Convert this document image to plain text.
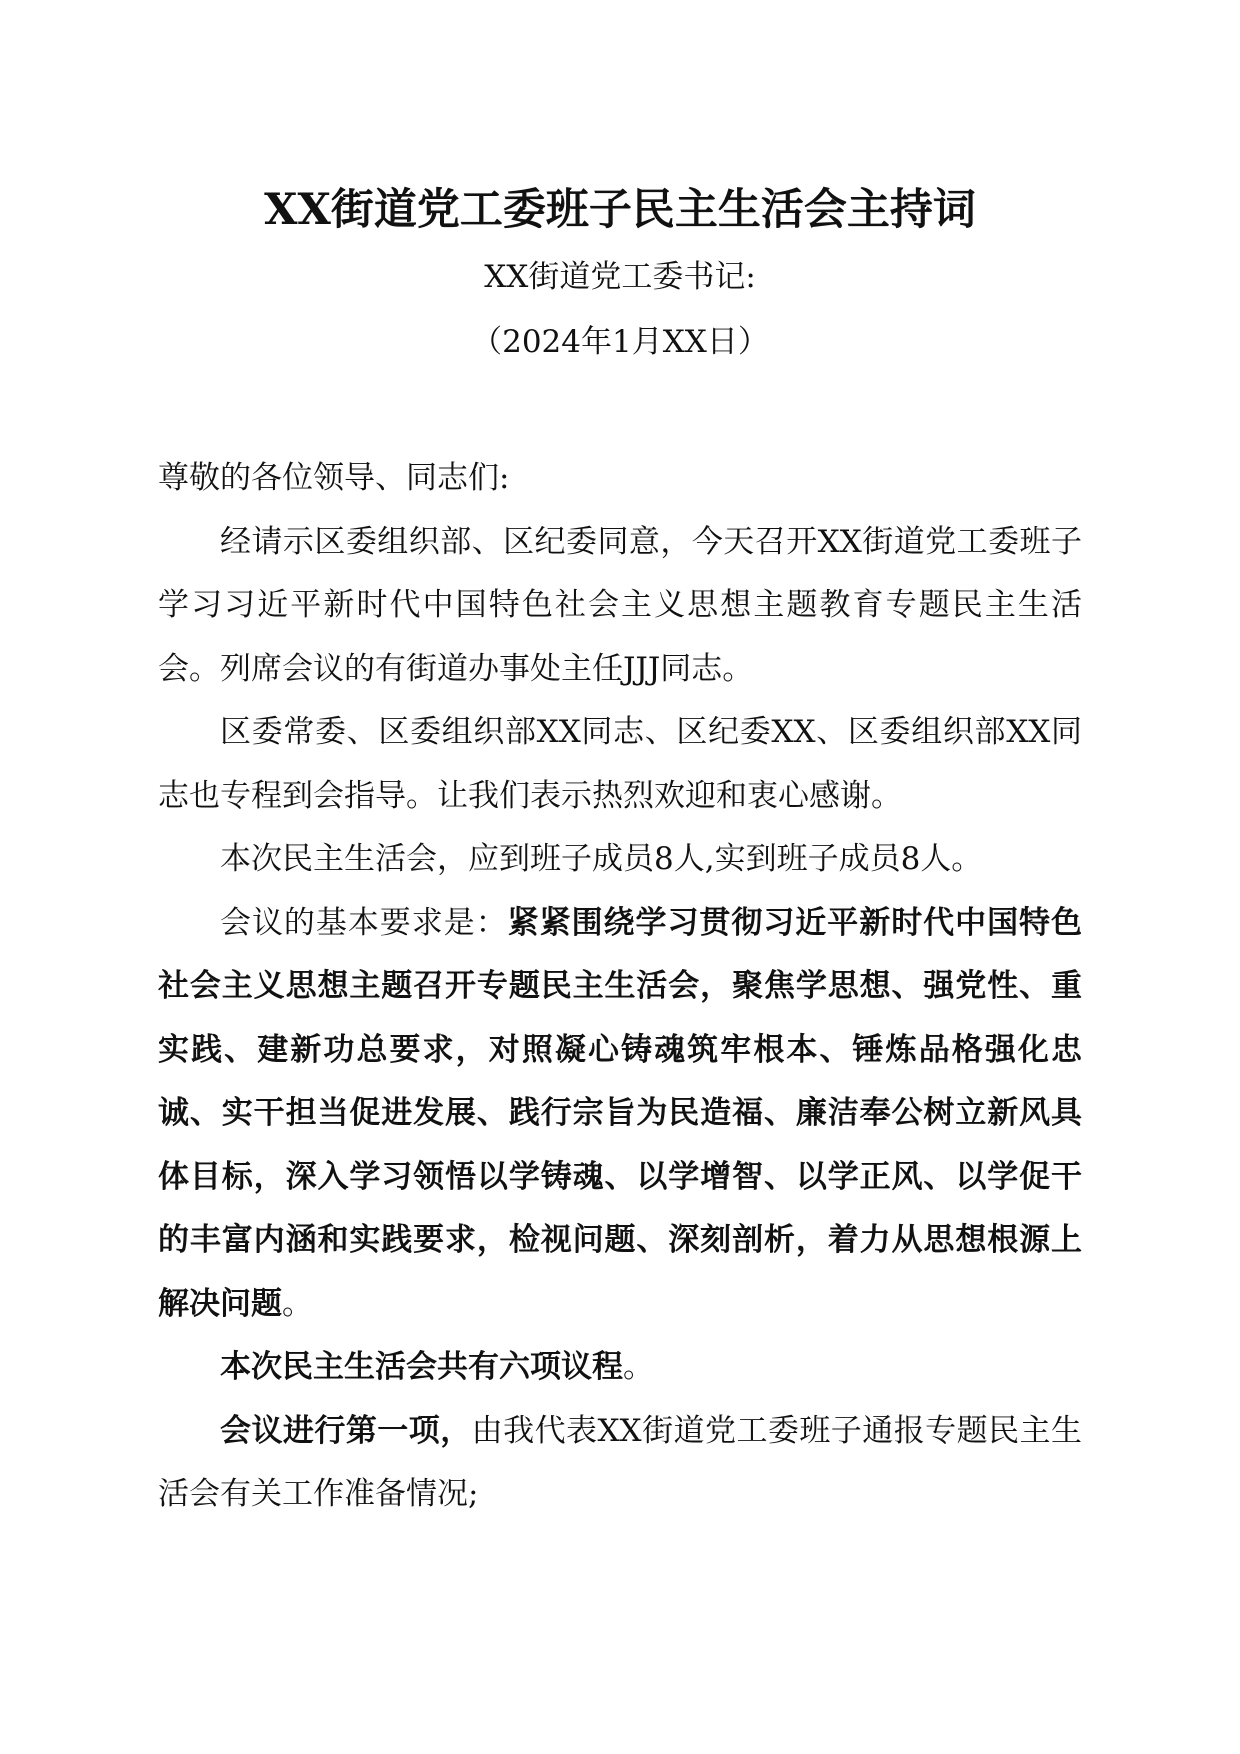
XX街道党工委班子民主生活会主持词
XX街道党工委书记:
（2024年1月XX日）

尊敬的各位领导、同志们:

经请示区委组织部、区纪委同意，今天召开XX街道党工委班子学习习近平新时代中国特色社会主义思想主题教育专题民主生活会。列席会议的有街道办事处主任JJJ同志。

区委常委、区委组织部XX同志、区纪委XX、区委组织部XX同志也专程到会指导。让我们表示热烈欢迎和衷心感谢。

本次民主生活会，应到班子成员8人,实到班子成员8人。

会议的基本要求是：紧紧围绕学习贯彻习近平新时代中国特色社会主义思想主题召开专题民主生活会，聚焦学思想、强党性、重实践、建新功总要求，对照凝心铸魂筑牢根本、锤炼品格强化忠诚、实干担当促进发展、践行宗旨为民造福、廉洁奉公树立新风具体目标，深入学习领悟以学铸魂、以学增智、以学正风、以学促干的丰富内涵和实践要求，检视问题、深刻剖析，着力从思想根源上解决问题。

本次民主生活会共有六项议程。

会议进行第一项，由我代表XX街道党工委班子通报专题民主生活会有关工作准备情况;
